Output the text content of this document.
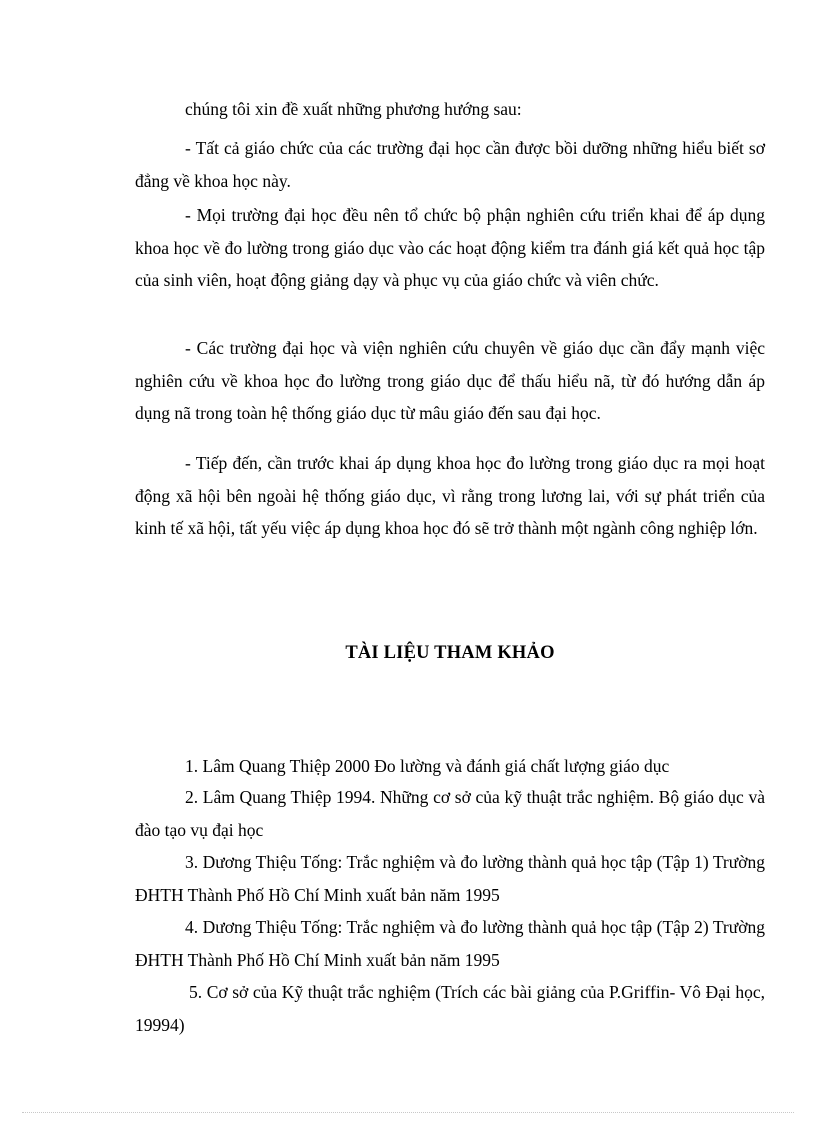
chúng tôi xin đề xuất những phương hướng sau:

- Tất cả giáo chức của các trường đại học cần được bồi dưỡng những hiểu biết sơ đẳng về khoa học này.

- Mọi trường đại học đều nên tổ chức bộ phận nghiên cứu triển khai để áp dụng khoa học về đo lường trong giáo dục vào các hoạt động kiểm tra đánh giá kết quả học tập của sinh viên, hoạt động giảng dạy và phục vụ của giáo chức và viên chức.

- Các trường đại học và viện nghiên cứu chuyên về giáo dục cần đẩy mạnh việc nghiên cứu về khoa học đo lường trong giáo dục để thấu hiểu nã, từ đó hướng dẫn áp dụng nã trong toàn hệ thống giáo dục từ mâu giáo đến sau đại học.

- Tiếp đến, cần trước khai áp dụng khoa học đo lường trong giáo dục ra mọi hoạt động xã hội bên ngoài hệ thống giáo dục, vì rằng trong lương lai, với sự phát triển của kinh tế xã hội, tất yếu việc áp dụng khoa học đó sẽ trở thành một ngành công nghiệp lớn.

TÀI LIỆU THAM KHẢO

1. Lâm Quang Thiệp 2000 Đo lường và đánh giá chất lượng giáo dục

2. Lâm Quang Thiệp 1994. Những cơ sở của kỹ thuật trắc nghiệm. Bộ giáo dục và đào tạo vụ đại học

3. Dương Thiệu Tống: Trắc nghiệm và đo lường thành quả học tập (Tập 1) Trường ĐHTH Thành Phố Hồ Chí Minh xuất bản năm 1995

4. Dương Thiệu Tống: Trắc nghiệm và đo lường thành quả học tập (Tập 2) Trường ĐHTH Thành Phố Hồ Chí Minh xuất bản năm 1995

5. Cơ sở của Kỹ thuật trắc nghiệm (Trích các bài giảng của P.Griffin- Vô Đại học, 19994)
